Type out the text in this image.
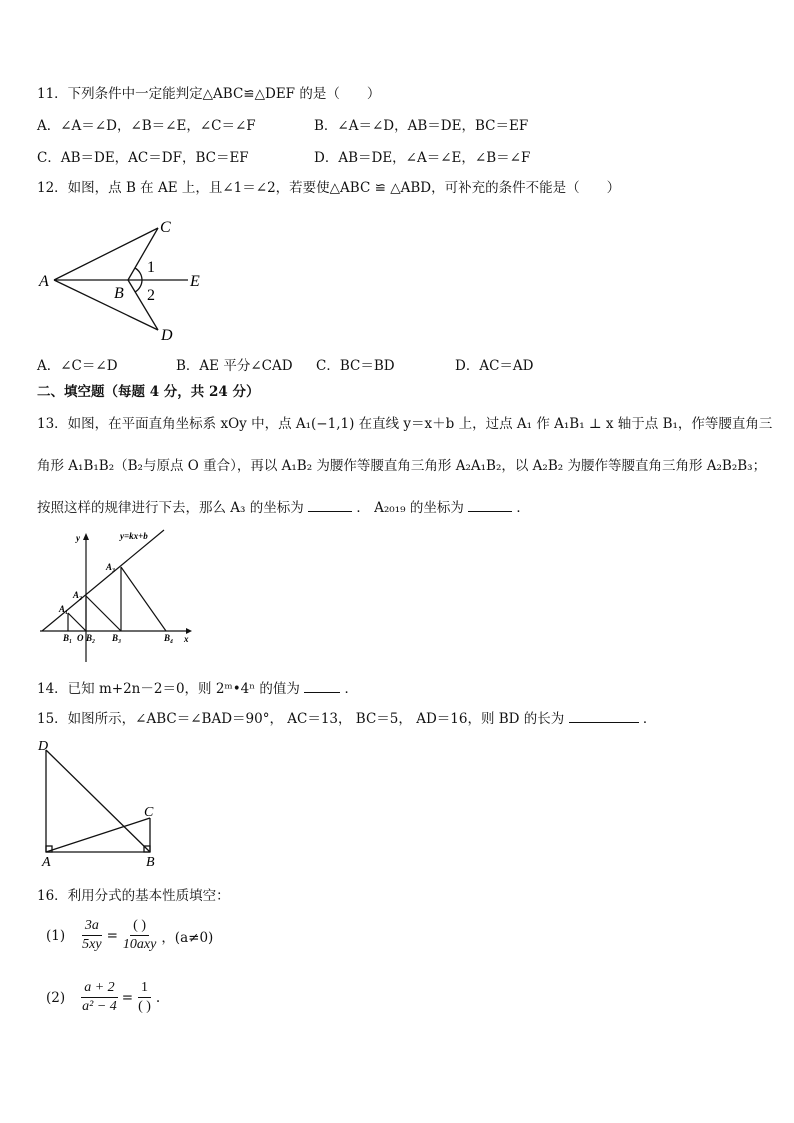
11．下列条件中一定能判定△ABC≌△DEF 的是（　　）
A．∠A＝∠D，∠B＝∠E，∠C＝∠F	B．∠A＝∠D，AB＝DE，BC＝EF
C．AB＝DE，AC＝DF，BC＝EF	D．AB＝DE，∠A＝∠E，∠B＝∠F
12．如图，点 B 在 AE 上，且∠1＝∠2，若要使△ABC ≌ △ABD，可补充的条件不能是（　　）
A
B
C
D
E
1
2
A．∠C＝∠D	B．AE 平分∠CAD C．BC＝BD	D．AC＝AD
二、填空题（每题 4 分，共 24 分）
13．如图，在平面直角坐标系 xOy 中，点 A₁(−1,1) 在直线 y＝x＋b 上，过点 A₁ 作 A₁B₁ ⊥ x 轴于点 B₁，作等腰直角三
角形 A₁B₁B₂（B₂与原点 O 重合），再以 A₁B₂ 为腰作等腰直角三角形 A₂A₁B₂，以 A₂B₂ 为腰作等腰直角三角形 A₂B₂B₃；
按照这样的规律进行下去，那么 A₃ 的坐标为	． A₂₀₁₉ 的坐标为	．
y
x
y=kx+b
A₁
A₂
A₃
B₁ O B₂ B₃	B₄
14．已知 m+2n－2＝0，则 2ᵐ•4ⁿ 的值为	．
15．如图所示，∠ABC＝∠BAD＝90°， AC＝13， BC＝5， AD＝16，则 BD 的长为	．
D
C
A	B
16．利用分式的基本性质填空：
$(1) \frac{3a}{5xy}$ =
( )
10axy ，(a≠0)
$(2) \frac{a + 2}{\text{a² − 4}}$ =
1
( )
.
